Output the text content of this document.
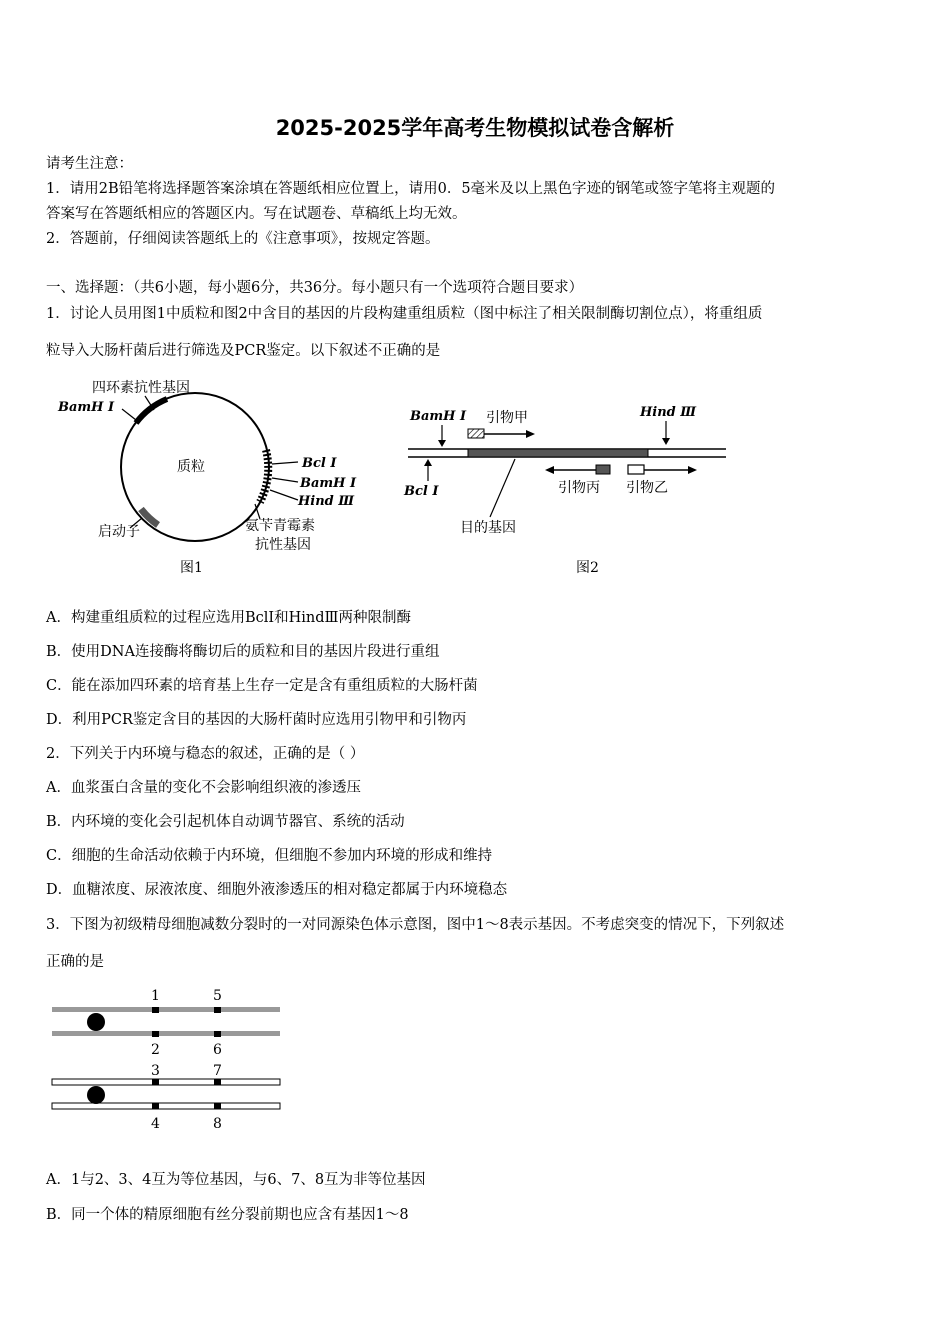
2025-2025学年高考生物模拟试卷含解析
请考生注意：
1．请用2B铅笔将选择题答案涂填在答题纸相应位置上，请用0．5毫米及以上黑色字迹的钢笔或签字笔将主观题的
答案写在答题纸相应的答题区内。写在试题卷、草稿纸上均无效。
2．答题前，仔细阅读答题纸上的《注意事项》，按规定答题。
一、选择题：（共6小题，每小题6分，共36分。每小题只有一个选项符合题目要求）
1．讨论人员用图1中质粒和图2中含目的基因的片段构建重组质粒（图中标注了相关限制酶切割位点），将重组质
粒导入大肠杆菌后进行筛选及PCR鉴定。以下叙述不正确的是
四环素抗性基因
BamH Ⅰ
质粒	Bcl Ⅰ
BamH Ⅰ
Hind Ⅲ
启动子	氨苄青霉素
抗性基因
图1
BamH Ⅰ 引物甲	Hind Ⅲ
Bcl Ⅰ	引物丙 引物乙
目的基因
图2
A．构建重组质粒的过程应选用BclⅠ和HindⅢ两种限制酶
B．使用DNA连接酶将酶切后的质粒和目的基因片段进行重组
C．能在添加四环素的培育基上生存一定是含有重组质粒的大肠杆菌
D．利用PCR鉴定含目的基因的大肠杆菌时应选用引物甲和引物丙
2．下列关于内环境与稳态的叙述，正确的是（ ）
A．血浆蛋白含量的变化不会影响组织液的渗透压
B．内环境的变化会引起机体自动调节器官、系统的活动
C．细胞的生命活动依赖于内环境，但细胞不参加内环境的形成和维持
D．血糖浓度、尿液浓度、细胞外液渗透压的相对稳定都属于内环境稳态
3．下图为初级精母细胞减数分裂时的一对同源染色体示意图，图中1～8表示基因。不考虑突变的情况下，下列叙述
正确的是
1	5
2	6
3	7
4	8
A．1与2、3、4互为等位基因，与6、7、8互为非等位基因
B．同一个体的精原细胞有丝分裂前期也应含有基因1～8
